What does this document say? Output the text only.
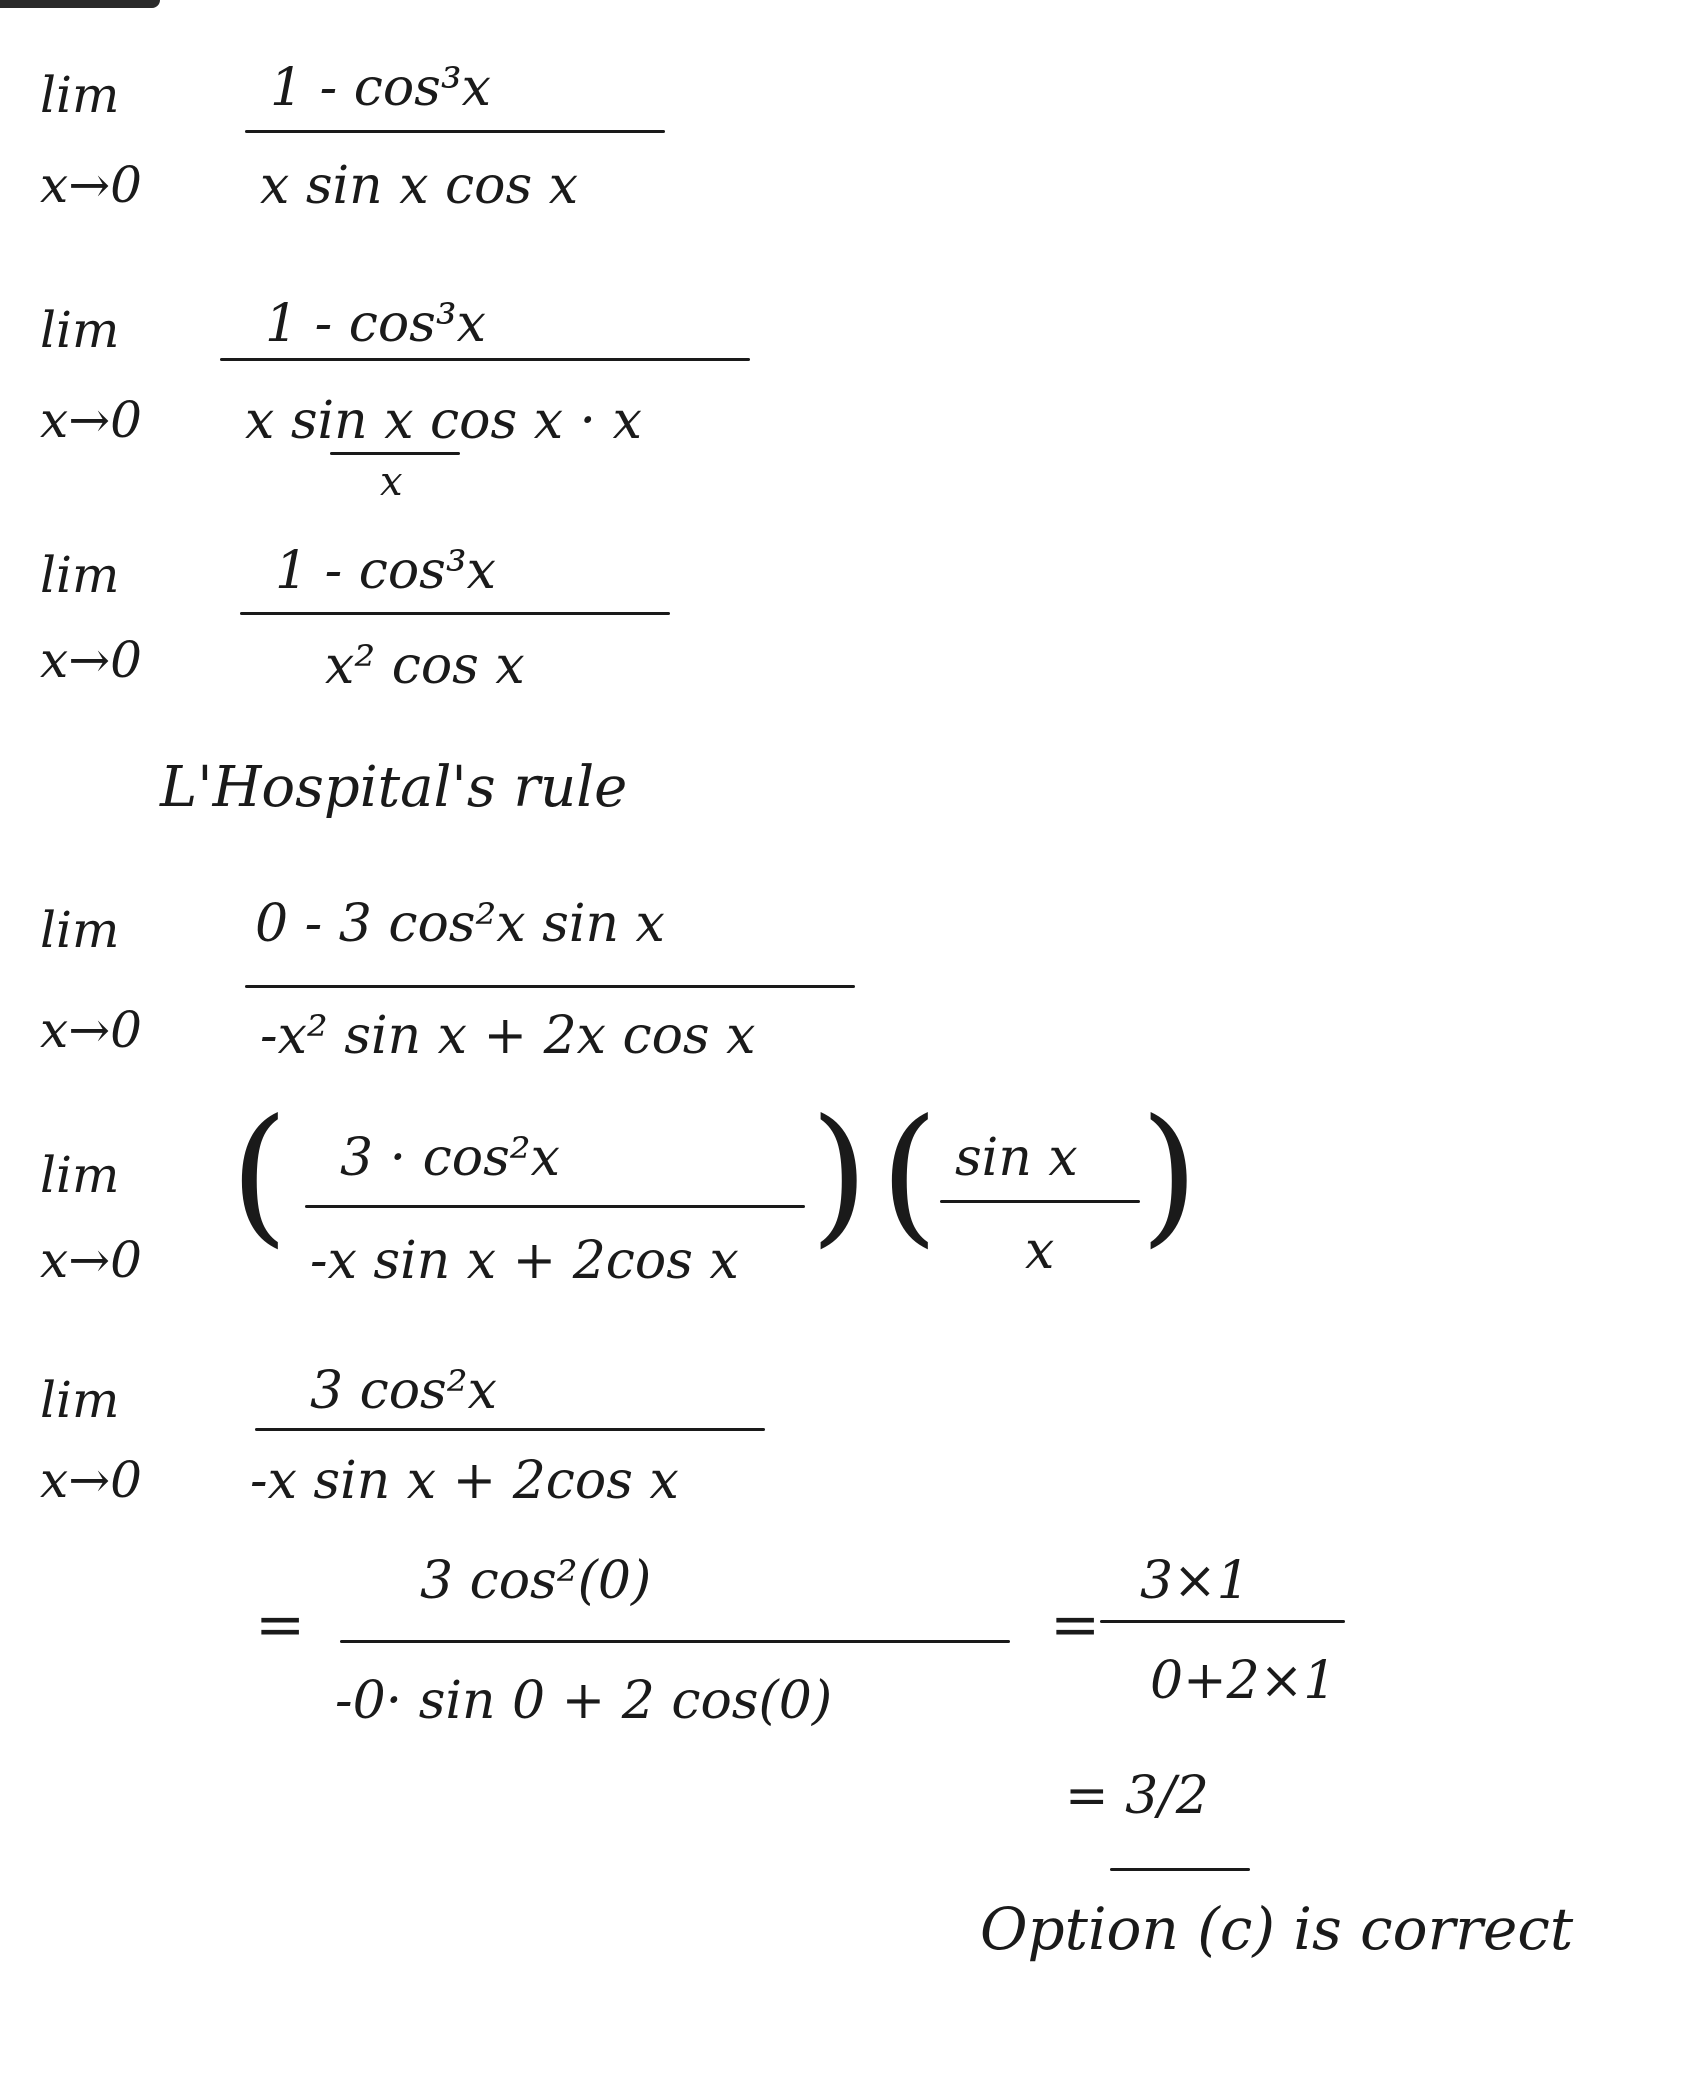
lim
x→0
1 - cos³x
x sin x cos x
lim
x→0
1 - cos³x
x sin x cos x · x
x
lim
x→0
1 - cos³x
x² cos x
L'Hospital's rule
lim
x→0
0 - 3 cos²x sin x
-x² sin x + 2x cos x
lim
x→0 ( 3 · cos²x
-x sin x + 2cos x ) ( sin x
x )
lim
x→0
3 cos²x
-x sin x + 2cos x
=
3 cos²(0)
-0· sin 0 + 2 cos(0)
=
3×1
0+2×1
= 3/2
Option (c) is correct
